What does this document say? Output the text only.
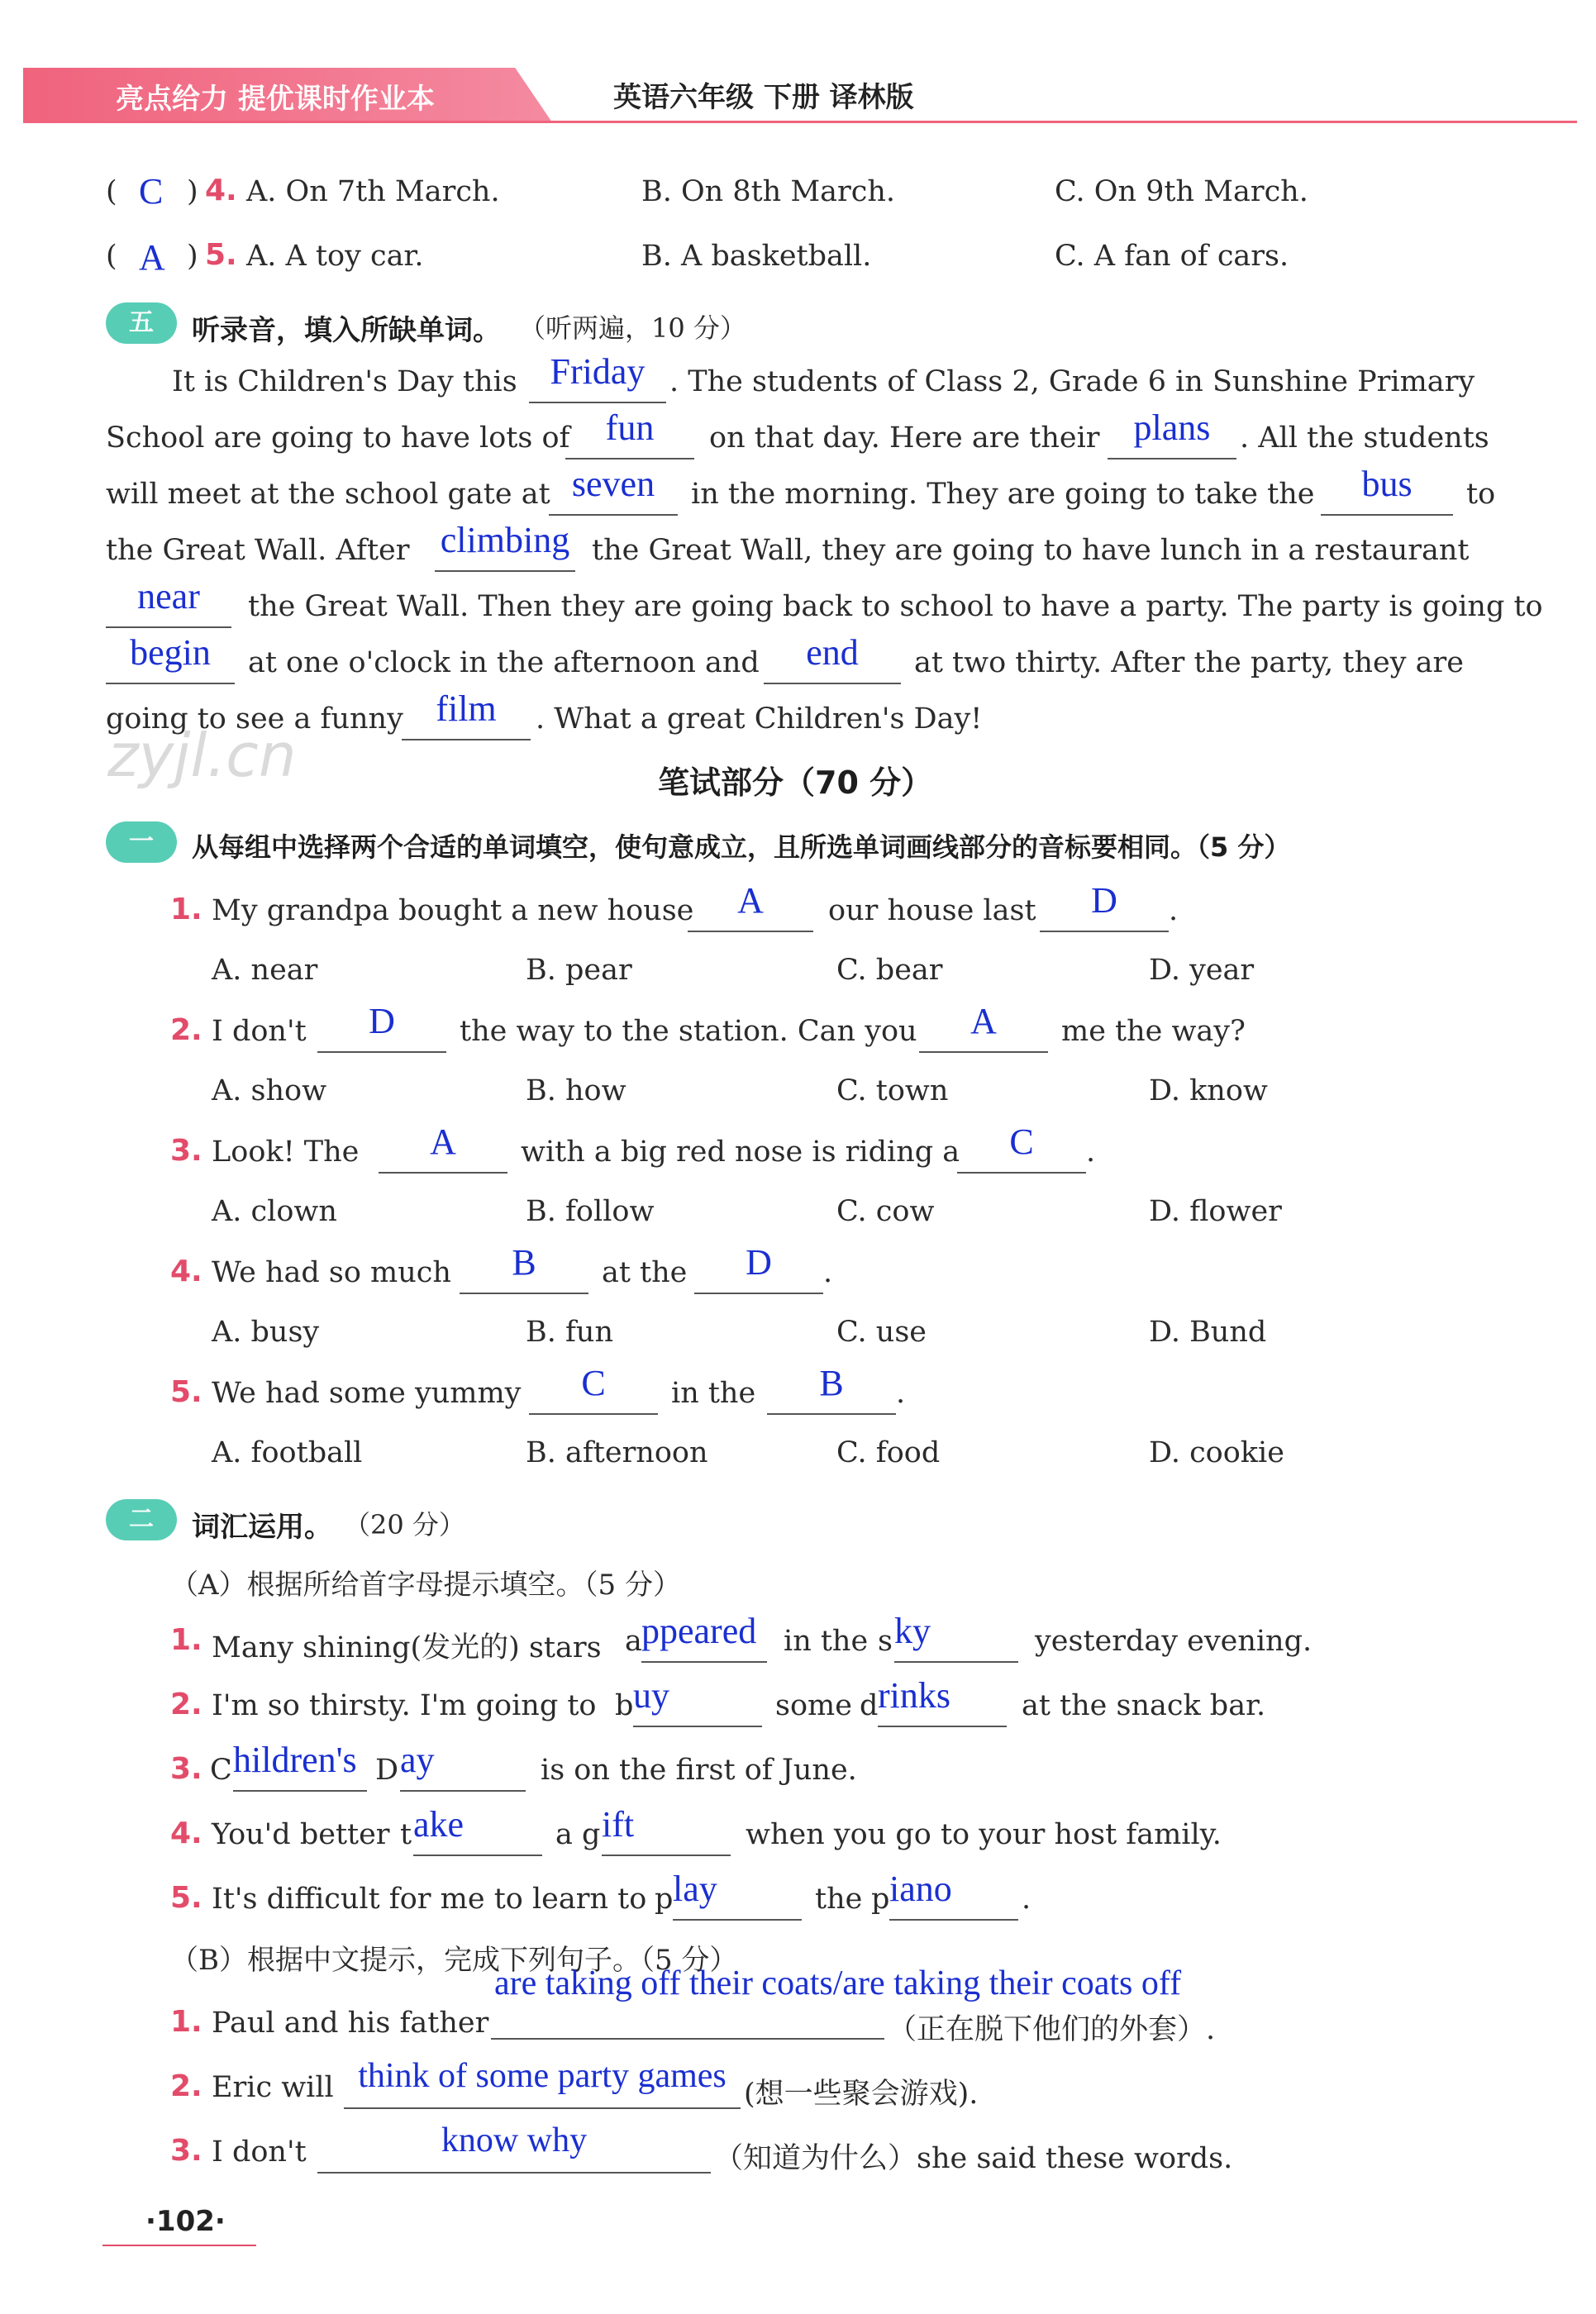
亮点给力 提优课时作业本	英语六年级 下册 译林版
( C ) 4. A. On 7th March.	B. On 8th March.	C. On 9th March.
( A ) 5. A. A toy car.	B. A basketball.	C. A fan of cars.
五	听录音，填入所缺单词。 （听两遍，10 分）
It is Children's Day this Friday . The students of Class 2, Grade 6 in Sunshine Primary
School are going to have lots of fun	on that day. Here are their plans	. All the students
will meet at the school gate at seven	in the morning. They are going to take the	bus	to
the Great Wall. After climbing the Great Wall, they are going to have lunch in a restaurant
near	the Great Wall. Then they are going back to school to have a party. The party is going to
begin	at one o'clock in the afternoon and	end	at two thirty. After the party, they are
going to see a funny film	. What a great Children's Day!
zyjl.cn	笔试部分（70 分）
一	从每组中选择两个合适的单词填空，使句意成立，且所选单词画线部分的音标要相同。（5 分）
1. My grandpa bought a new house	A	our house last	D	.
A. near	B. pear	C. bear	D. year
2. I don't	D	the way to the station. Can you	A	me the way?
A. show	B. how	C. town	D. know
3. Look! The	A	with a big red nose is riding a	C	.
A. clown	B. follow	C. cow	D. flower
4. We had so much	B	at the	D	.
A. busy	B. fun	C. use	D. Bund
5. We had some yummy	C	in the	B	.
A. football	B. afternoon	C. food	D. cookie
二	词汇运用。 （20 分）
（A）根据所给首字母提示填空。（5 分）
1. Many shining(发光的) stars a ppeared in the s ky	yesterday evening.
2. I'm so thirsty. I'm going to b uy	some d rinks	at the snack bar.
3. C hildren's D ay	is on the first of June.
4. You'd better t ake	a g ift	when you go to your host family.
5. It's difficult for me to learn to p lay	the p iano	.
（B）根据中文提示，完成下列句子。（5 分）
are taking off their coats/are taking their coats off
1. Paul and his father	（正在脱下他们的外套）.
2. Eric will think of some party games (想一些聚会游戏).
3. I don't	know why	（知道为什么）she said these words.
·102·
